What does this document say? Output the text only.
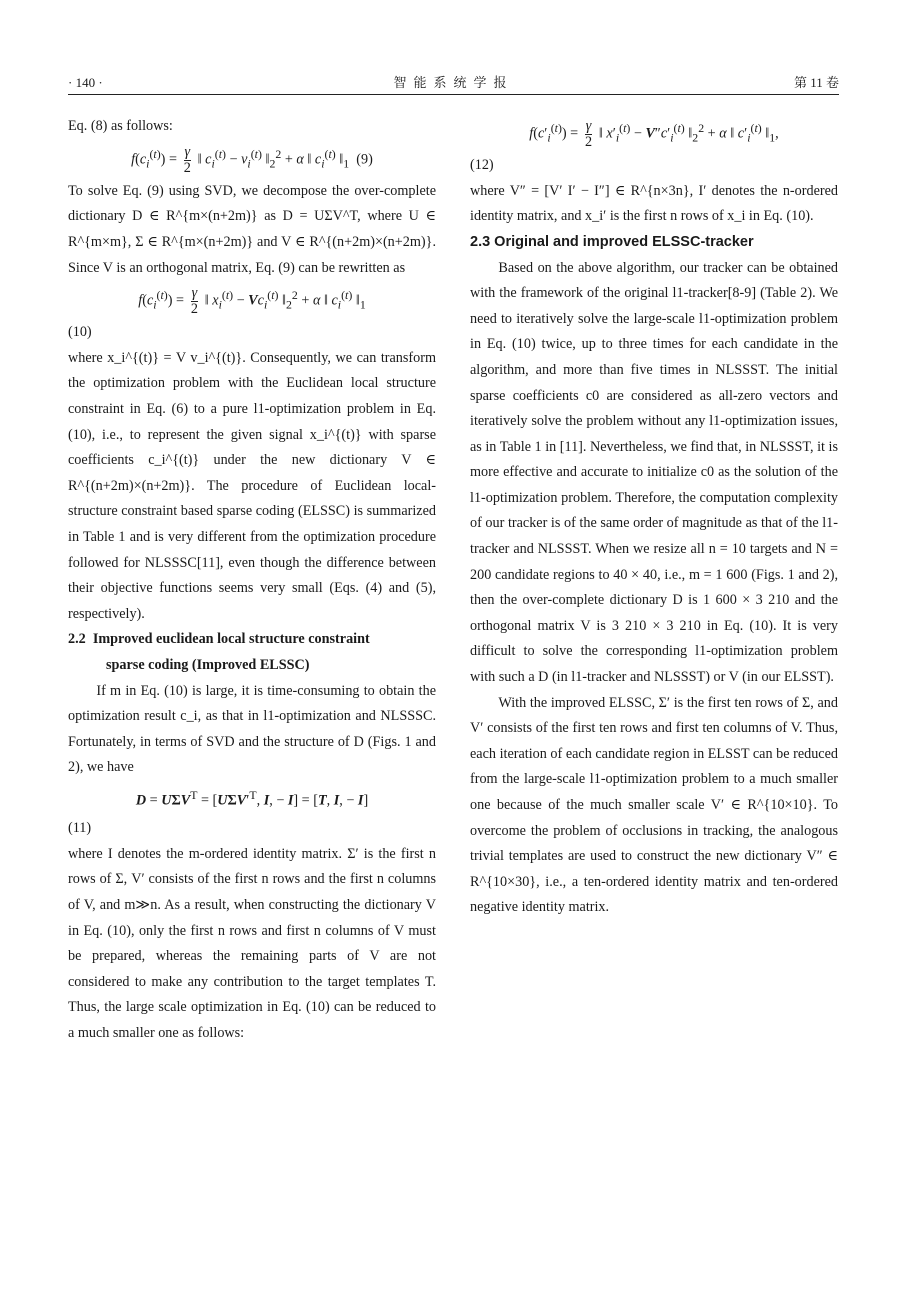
· 140 ·	智能系统学报	第 11 卷

Eq. (8) as follows:

$f(c_i^{(t)}) = \frac{\gamma}{2}$ ‖ $c_i^{(t)} - v_i^{(t)}$ $‖_2^2 + \alpha$ ‖ $c_i^{(t)}$ $‖_1$ (9)

To solve Eq. (9) using SVD, we decompose the over-complete dictionary D ∈ R^{m×(n+2m)} as D = UΣV^T, where U ∈ R^{m×m}, Σ ∈ R^{m×(n+2m)} and V ∈ R^{(n+2m)×(n+2m)}. Since V is an orthogonal matrix, Eq. (9) can be rewritten as

$f(c_i^{(t)}) = \frac{\gamma}{2}$ ‖ $x_i^{(t)} - Vc_i^{(t)}$ $‖_2^2 + \alpha$ ‖ $c_i^{(t)}$ $‖_1$

(10)

where x_i^{(t)} = V v_i^{(t)}. Consequently, we can transform the optimization problem with the Euclidean local structure constraint in Eq. (6) to a pure l1-optimization problem in Eq. (10), i.e., to represent the given signal x_i^{(t)} with sparse coefficients c_i^{(t)} under the new dictionary V ∈ R^{(n+2m)×(n+2m)}. The procedure of Euclidean local-structure constraint based sparse coding (ELSSC) is summarized in Table 1 and is very different from the optimization procedure followed for NLSSSC[11], even though the difference between their objective functions seems very small (Eqs. (4) and (5), respectively).

2.2 Improved euclidean local structure constraint

sparse coding (Improved ELSSC)

If m in Eq. (10) is large, it is time-consuming to obtain the optimization result c_i, as that in l1-optimization and NLSSSC. Fortunately, in terms of SVD and the structure of D (Figs. 1 and 2), we have

$D = U\Sigma V^T = [U\Sigma V'^T$, I, − I] = [T, I, − I]

(11)

where I denotes the m-ordered identity matrix. Σ′ is the first n rows of Σ, V′ consists of the first n rows and the first n columns of V, and m≫n. As a result, when constructing the dictionary V in Eq. (10), only the first n rows and first n columns of V must be prepared, whereas the remaining parts of V are not considered to make any contribution to the target templates T. Thus, the large scale optimization in Eq. (10) can be reduced to a much smaller one as follows:

$f(c'_i^{(t)}) = \frac{\gamma}{2}$ ‖ $x'_i^{(t)} - V''c'_i^{(t)}$ $‖_2^2 + \alpha$ ‖ $c'_i^{(t)}$ $‖_1$,

(12)

where V″ = [V′ I′ − I″] ∈ R^{n×3n}, I′ denotes the n-ordered identity matrix, and x_i′ is the first n rows of x_i in Eq. (10).

2.3 Original and improved ELSSC-tracker

Based on the above algorithm, our tracker can be obtained with the framework of the original l1-tracker[8-9] (Table 2). We need to iteratively solve the large-scale l1-optimization problem in Eq. (10) twice, up to three times for each candidate in the algorithm, and more than five times in NLSSST. The initial sparse coefficients c0 are considered as all-zero vectors and iteratively solve the problem without any l1-optimization issues, as in Table 1 in [11]. Nevertheless, we find that, in NLSSST, it is more effective and accurate to initialize c0 as the solution of the l1-optimization problem. Therefore, the computation complexity of our tracker is of the same order of magnitude as that of the l1-tracker and NLSSST. When we resize all n = 10 targets and N = 200 candidate regions to 40 × 40, i.e., m = 1 600 (Figs. 1 and 2), then the over-complete dictionary D is 1 600 × 3 210 and the orthogonal matrix V is 3 210 × 3 210 in Eq. (10). It is very difficult to solve the corresponding l1-optimization problem with such a D (in l1-tracker and NLSSST) or V (in our ELSST).

With the improved ELSSC, Σ′ is the first ten rows of Σ, and V′ consists of the first ten rows and first ten columns of V. Thus, each iteration of each candidate region in ELSST can be reduced from the large-scale l1-optimization problem to a much smaller one because of the much smaller scale V′ ∈ R^{10×10}. To overcome the problem of occlusions in tracking, the analogous trivial templates are used to construct the new dictionary V″ ∈ R^{10×30}, i.e., a ten-ordered identity matrix and ten-ordered negative identity matrix.
